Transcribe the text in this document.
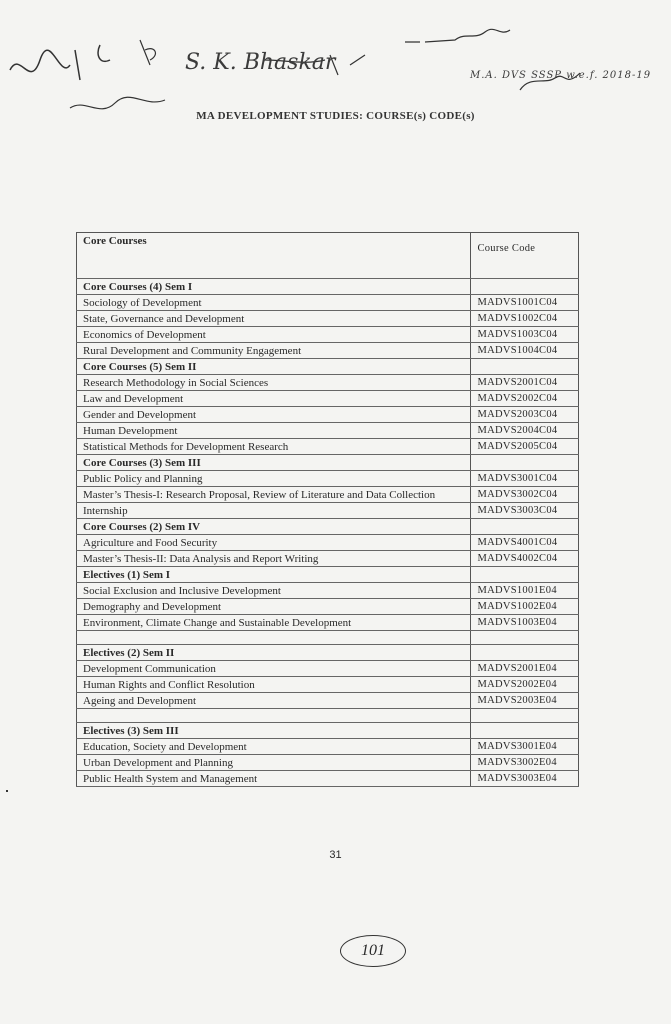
S. K. Bhaskar
M.A. DVS SSSP w.e.f. 2018-19
MA DEVELOPMENT STUDIES: COURSE(s) CODE(s)
Core Courses	Course Code
Core Courses (4) Sem I	
Sociology of Development	MADVS1001C04
State, Governance and Development	MADVS1002C04
Economics of Development	MADVS1003C04
Rural Development and Community Engagement	MADVS1004C04
Core Courses (5) Sem II	
Research Methodology in Social Sciences	MADVS2001C04
Law and Development	MADVS2002C04
Gender and Development	MADVS2003C04
Human Development	MADVS2004C04
Statistical Methods for Development Research	MADVS2005C04
Core Courses (3) Sem III	
Public Policy and Planning	MADVS3001C04
Master’s Thesis-I: Research Proposal, Review of Literature and Data Collection	MADVS3002C04
Internship	MADVS3003C04
Core Courses (2) Sem IV	
Agriculture and Food Security	MADVS4001C04
Master’s Thesis-II: Data Analysis and Report Writing	MADVS4002C04
Electives (1) Sem I	
Social Exclusion and Inclusive Development	MADVS1001E04
Demography and Development	MADVS1002E04
Environment, Climate Change and Sustainable Development	MADVS1003E04

Electives (2) Sem II	
Development Communication	MADVS2001E04
Human Rights and Conflict Resolution	MADVS2002E04
Ageing and Development	MADVS2003E04

Electives (3) Sem III	
Education, Society and Development	MADVS3001E04
Urban Development and Planning	MADVS3002E04
Public Health System and Management	MADVS3003E04
31
101
